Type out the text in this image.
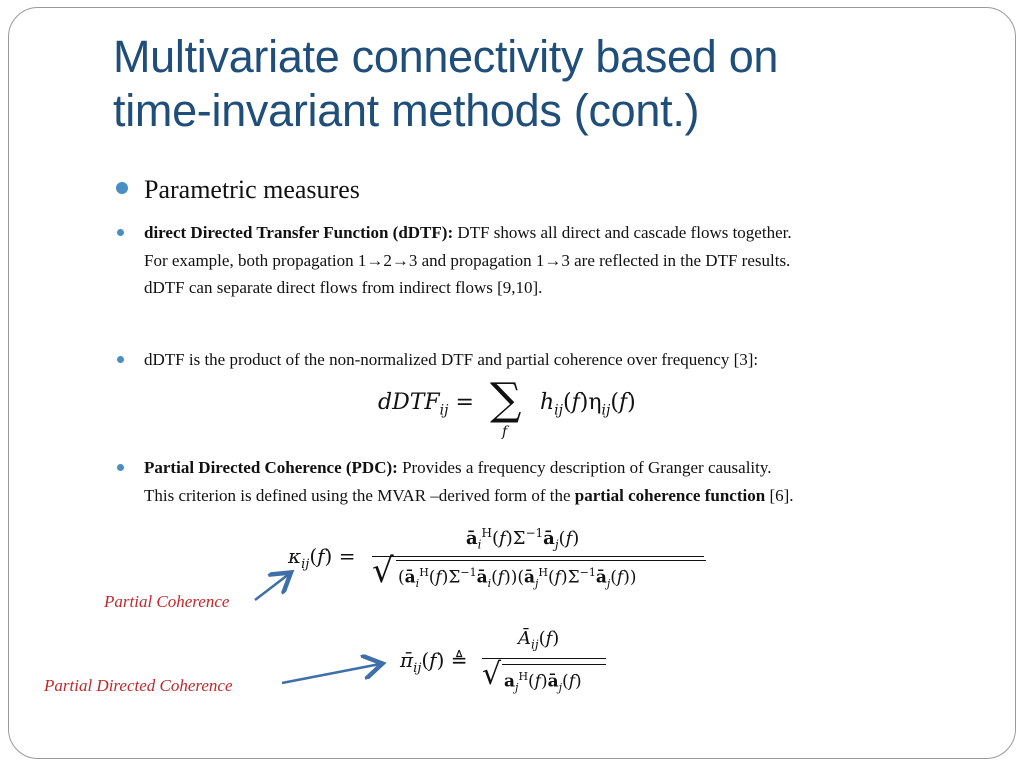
Multivariate connectivity based on
time-invariant methods (cont.)
Parametric measures
direct Directed Transfer Function (dDTF): DTF shows all direct and cascade flows together.
For example, both propagation 1→2→3 and propagation 1→3 are reflected in the DTF results.
dDTF can separate direct flows from indirect flows [9,10].
dDTF is the product of the non-normalized DTF and partial coherence over frequency [3]:
dDTF$_{ij}$ = ∑
f
$h_{ij}(f)\eta_{ij}(f)$
Partial Directed Coherence (PDC): Provides a frequency description of Granger causality.
This criterion is defined using the MVAR –derived form of the partial coherence function [6].
$\kappa_{ij}(f)$ =
$ā_i^H(f)\Sigma^{-1}ā_j(f)$
√ $(ā_i^H(f)\Sigma^{-1}ā_i(f))(ā_j^H(f)\Sigma^{-1}ā_j(f))$
$\pī_{ij}(f)$ ≜
$Ā_{ij}(f)$
√ $a_j^H(f)ā_j(f)$
Partial Coherence
Partial Directed Coherence
